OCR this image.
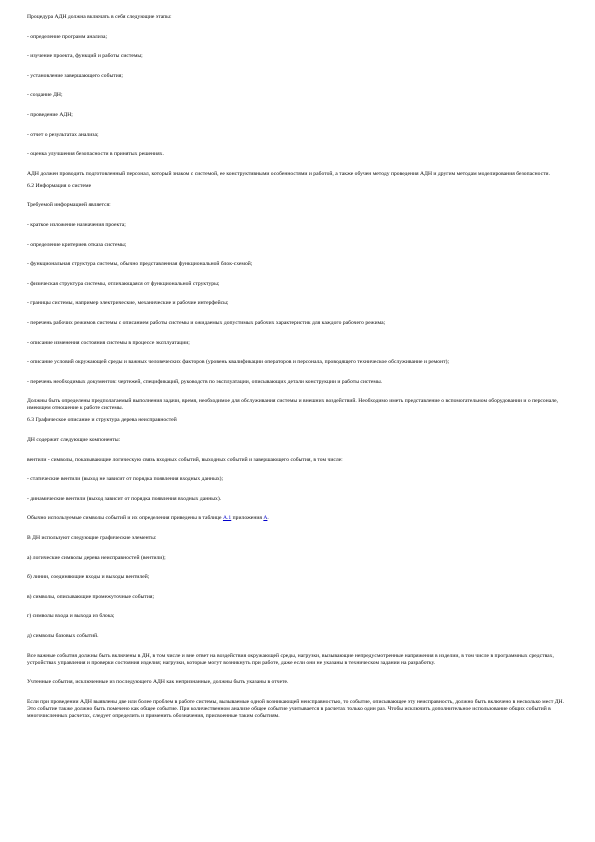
Процедура АДН должна включать в себя следующие этапы:

- определение программ анализа;

- изучение проекта, функций и работы системы;

- установление завершающего события;

- создание ДН;

- проведение АДН;

- отчет о результатах анализа;

- оценка улучшения безопасности в принятых решениях.

АДН должен проводить подготовленный персонал, который знаком с системой, ее конструктивными особенностями и работой, а также обучен методу проведения АДН и другим методам моделирования безопасности.

6.2 Информация о системе

Требуемой информацией является:

- краткое изложение назначения проекта;

- определение критериев отказа системы;

- функциональная структура системы, обычно представленная функциональной блок-схемой;

- физическая структура системы, отличающаяся от функциональной структуры;

- границы системы, например электрические, механические и рабочие интерфейсы;

- перечень рабочих режимов системы с описанием работы системы и ожидаемых допустимых рабочих характеристик для каждого рабочего режима;

- описание изменения состояния системы в процессе эксплуатации;

- описание условий окружающей среды и важных человеческих факторов (уровень квалификации операторов и персонала, проводящего техническое обслуживание и ремонт);

- перечень необходимых документов: чертежей, спецификаций, руководств по эксплуатации, описывающих детали конструкции и работы системы.

Должны быть определены предполагаемый выполнения задачи, время, необходимое для обслуживания системы и внешних воздействий. Необходимо иметь представление о вспомогательном оборудовании и о персонале, имеющем отношение к работе системы.

6.3 Графическое описание и структура дерева неисправностей

ДН содержит следующие компоненты:

вентили - символы, показывающие логическую связь входных событий, выходных событий и завершающего события, в том числе:

- статические вентили (выход не зависит от порядка появления входных данных);

- динамические вентили (выход зависит от порядка появления входных данных).

Обычно используемые символы событий и их определения приведены в таблице А.1 приложения А.

В ДН используют следующие графические элементы:

а) логические символы дерева неисправностей (вентили);

б) линии, соединяющие входы и выходы вентилей;

в) символы, описывающие промежуточные события;

г) символы входа и выхода из блока;

д) символы базовых событий.

Все важные события должны быть включены в ДН, в том числе и вне ответ на воздействия окружающей среды, нагрузки, вызывающие непредусмотренные напряжения в изделии, в том числе в программных средствах, устройствах управления и проверки состояния изделия; нагрузки, которые могут возникнуть при работе, даже если они не указаны в техническом задании на разработку.

Учтенные события, исключенные из последующего АДН как непризнанные, должны быть указаны в отчете.

Если при проведении АДН выявлены две или более проблем в работе системы, вызываемые одной возникающей неисправностью, то событие, описывающее эту неисправность, должно быть включено в несколько мест ДН. Это событие также должно быть помечено как общее событие. При количественном анализе общее событие учитывается в расчетах только один раз. Чтобы исключить дополнительное использование общих событий в многочисленных расчетах, следует определить и применить обозначения, присвоенные таким событиям.
